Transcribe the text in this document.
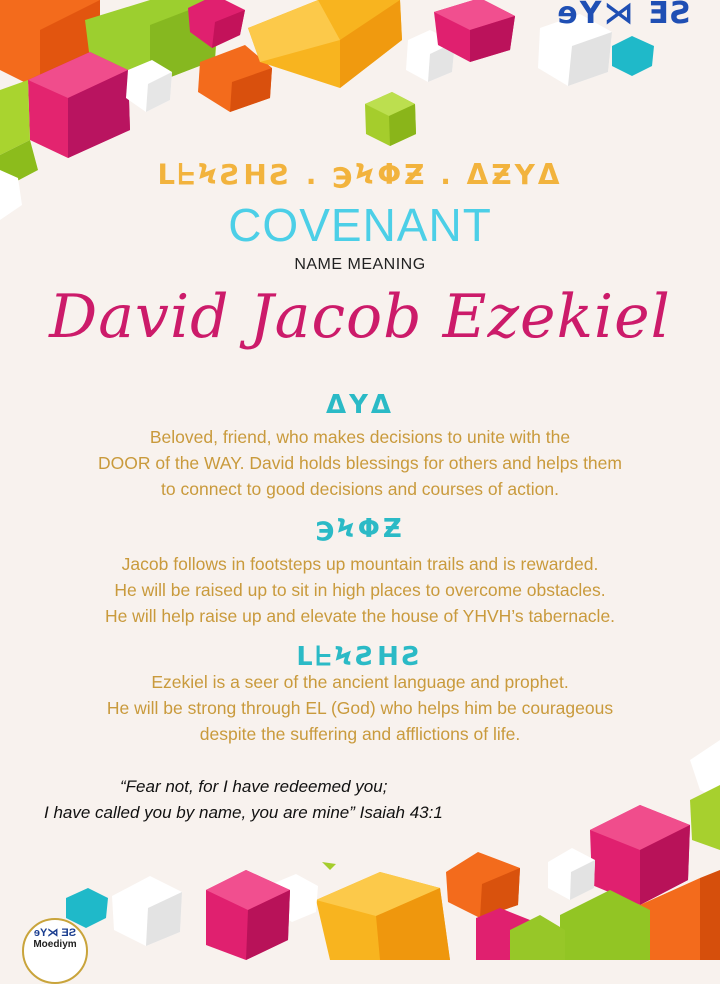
ɘY⋊ ƎƧ
ᒪᖶϞƧHƧ . ℈ϞΦƵ . ΔƵYΔ
COVENANT
NAME MEANING
David Jacob Ezekiel
ΔYΔ
Beloved, friend, who makes decisions to unite with the
DOOR of the WAY. David holds blessings for others and helps them
to connect to good decisions and courses of action.
℈ϞΦƵ
Jacob follows in footsteps up mountain trails and is rewarded.
He will be raised up to sit in high places to overcome obstacles.
He will help raise up and elevate the house of YHVH’s tabernacle.
ᒪᖶϞƧHƧ
Ezekiel is a seer of the ancient language and prophet.
He will be strong through EL (God) who helps him be courageous
despite the suffering and afflictions of life.
“Fear not, for I have redeemed you;
I have called you by name, you are mine” Isaiah 43:1
ɘY⋊ ƎƧ
Moediym
